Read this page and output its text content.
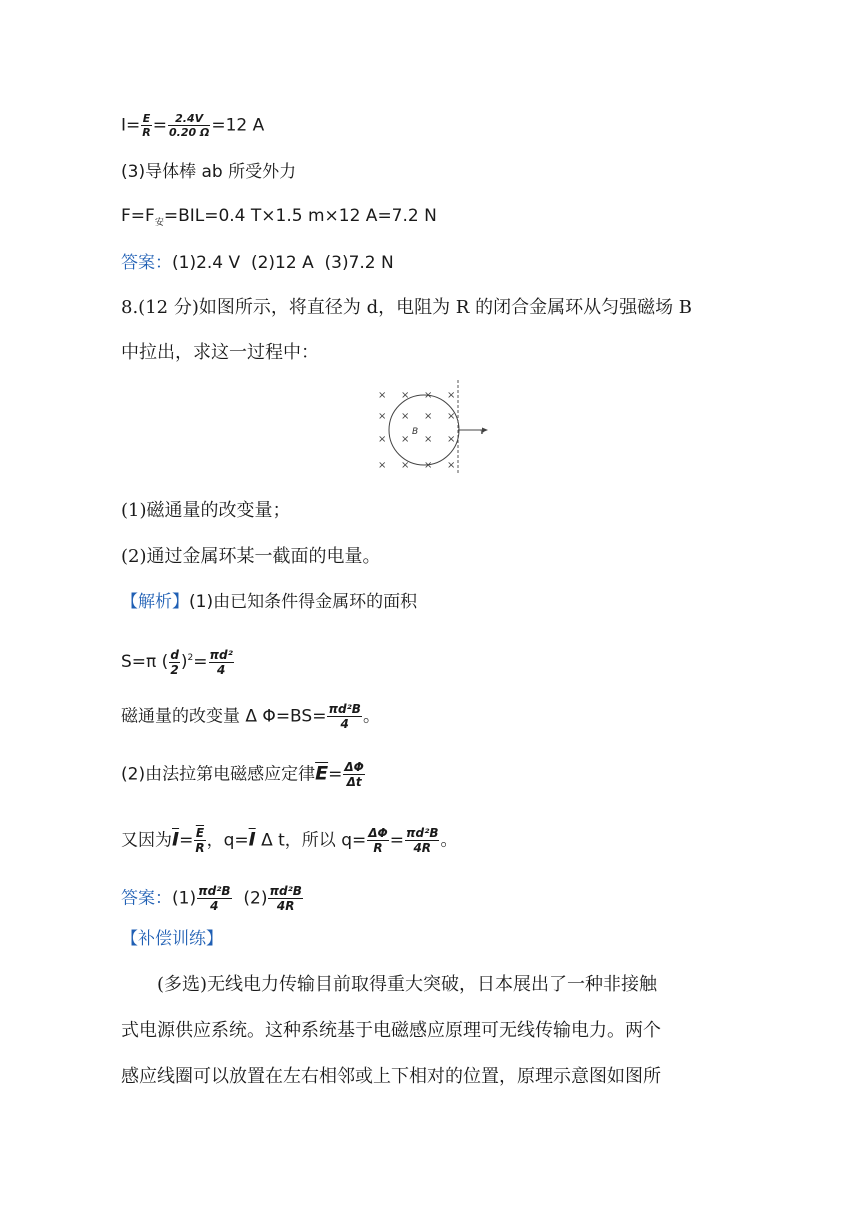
$I= \frac{E}{R} = \frac{2.4V}{0.20 \Omega} =12$ A
(3)导体棒 ab 所受外力
$F=F_安=BIL=0.4$ T×1.5 m×12 A=7.2 N
答案：(1)2.4 V  (2)12 A  (3)7.2 N
8.(12 分)如图所示，将直径为 d，电阻为 R 的闭合金属环从匀强磁场 B
中拉出，求这一过程中：
v
B
× × × ×
× × × ×
× × × ×
× × × ×
(1)磁通量的改变量；
(2)通过金属环某一截面的电量。
【解析】(1)由已知条件得金属环的面积
S=π ( $\frac{d}{2} )^2= \frac{\text{πd²}}{4}$
磁通量的改变量 Δ $\Phi=BS= \frac{\text{πd²B}}{4}$ 。
(2)由法拉第电磁感应定律$\overline{E}= \frac{\Delta\Phi}{\Delta t}$
又因为$\overline{I}= \frac{\overline{E}}{R}$ ，$q=\overline{I}$ Δ t，所以 $q= \frac{\Delta\Phi}{R} = \frac{\text{πd²B}}{4R}$ 。
答案：$(1) \frac{\text{πd²B}}{4} (2) \frac{\text{πd²B}}{4R}$
【补偿训练】
(多选)无线电力传输目前取得重大突破，日本展出了一种非接触
式电源供应系统。这种系统基于电磁感应原理可无线传输电力。两个
感应线圈可以放置在左右相邻或上下相对的位置，原理示意图如图所
